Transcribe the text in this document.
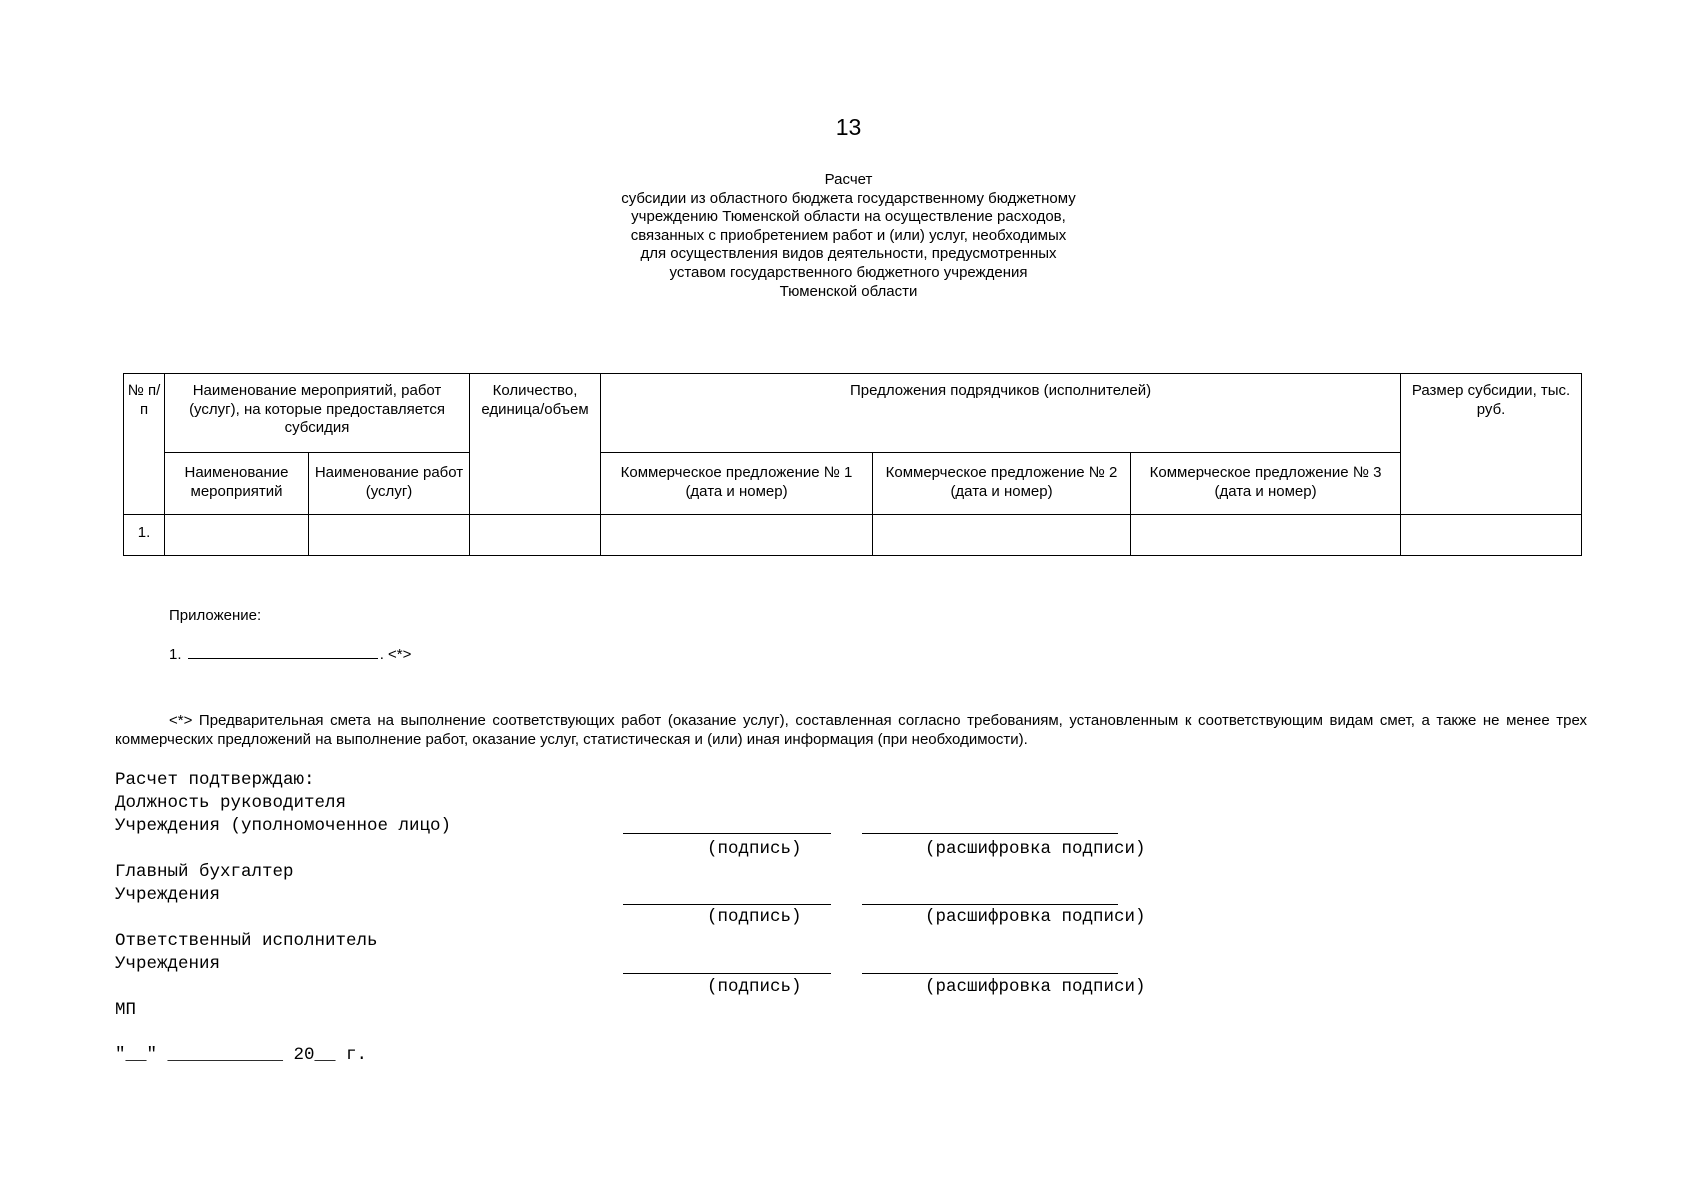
13
Расчет
субсидии из областного бюджета государственному бюджетному
учреждению Тюменской области на осуществление расходов,
связанных с приобретением работ и (или) услуг, необходимых
для осуществления видов деятельности, предусмотренных
уставом государственного бюджетного учреждения
Тюменской области
№ п/п	Наименование мероприятий, работ (услуг), на которые предоставляется субсидия		Количество, единица/объем	Предложения подрядчиков (исполнителей)			Размер субсидии, тыс. руб.
	Наименование мероприятий	Наименование работ (услуг)		Коммерческое предложение № 1 (дата и номер)	Коммерческое предложение № 2 (дата и номер)	Коммерческое предложение № 3 (дата и номер)	
1.							
Приложение:
1.	. <*>
<*> Предварительная смета на выполнение соответствующих работ (оказание услуг), составленная согласно требованиям, установленным к соответствующим видам смет, а также не менее трех коммерческих предложений на выполнение работ, оказание услуг, статистическая и (или) иная информация (при необходимости).
Расчет подтверждаю:
Должность руководителя
Учреждения (уполномоченное лицо)
(подпись)	(расшифровка подписи)
Главный бухгалтер
Учреждения
(подпись)	(расшифровка подписи)
Ответственный исполнитель
Учреждения
(подпись)	(расшифровка подписи)
МП
"__" ___________ 20__ г.
